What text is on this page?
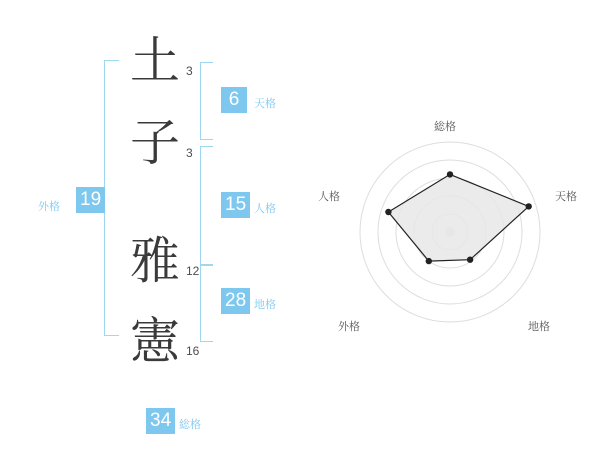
外格 19
土 3
子 3
雅 12
憲 16
6	天格
15 人格
28 地格
34 総格
総格
天格
地格
外格
人格
